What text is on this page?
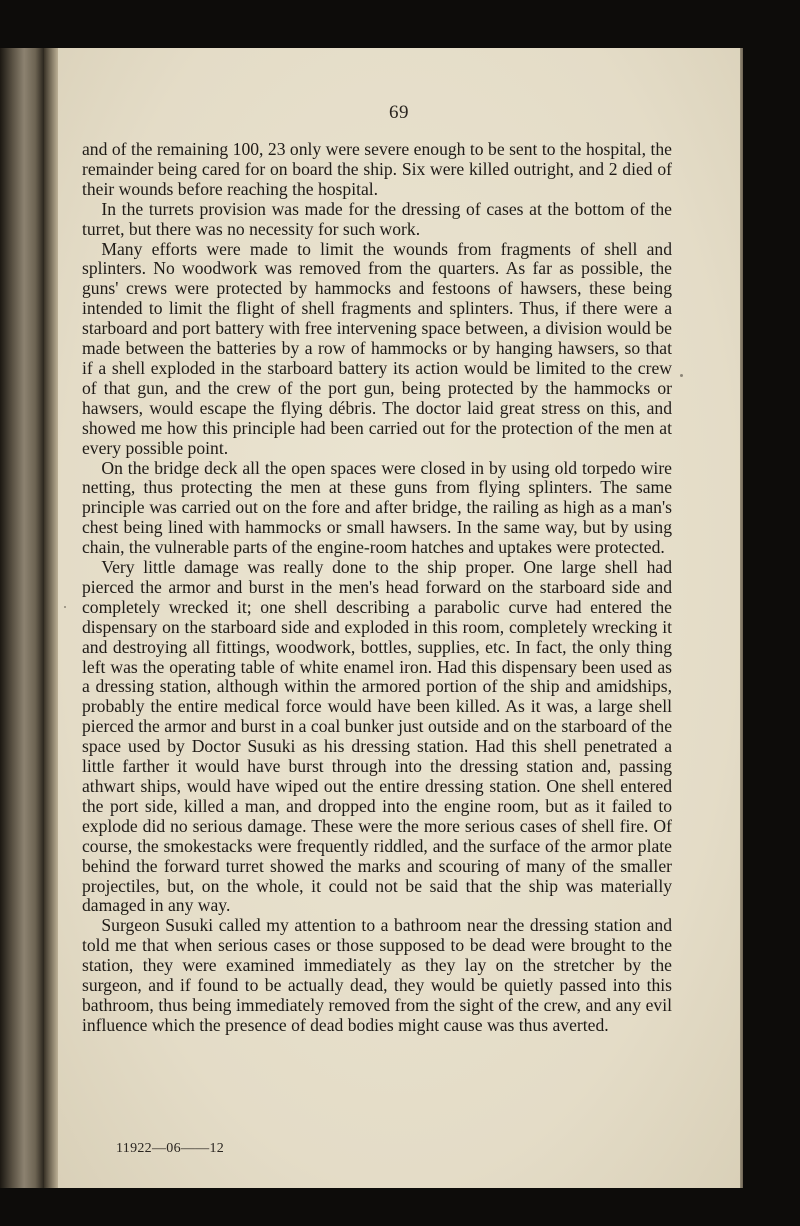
69

and of the remaining 100, 23 only were severe enough to be sent to the hospital, the remainder being cared for on board the ship. Six were killed outright, and 2 died of their wounds before reaching the hospital.

In the turrets provision was made for the dressing of cases at the bottom of the turret, but there was no necessity for such work.

Many efforts were made to limit the wounds from fragments of shell and splinters. No woodwork was removed from the quarters. As far as possible, the guns' crews were protected by hammocks and festoons of hawsers, these being intended to limit the flight of shell fragments and splinters. Thus, if there were a starboard and port battery with free intervening space between, a division would be made between the batteries by a row of hammocks or by hanging hawsers, so that if a shell exploded in the starboard battery its action would be limited to the crew of that gun, and the crew of the port gun, being protected by the hammocks or hawsers, would escape the flying débris. The doctor laid great stress on this, and showed me how this principle had been carried out for the protection of the men at every possible point.

On the bridge deck all the open spaces were closed in by using old torpedo wire netting, thus protecting the men at these guns from flying splinters. The same principle was carried out on the fore and after bridge, the railing as high as a man's chest being lined with hammocks or small hawsers. In the same way, but by using chain, the vulnerable parts of the engine-room hatches and uptakes were protected.

Very little damage was really done to the ship proper. One large shell had pierced the armor and burst in the men's head forward on the starboard side and completely wrecked it; one shell describing a parabolic curve had entered the dispensary on the starboard side and exploded in this room, completely wrecking it and destroying all fittings, woodwork, bottles, supplies, etc. In fact, the only thing left was the operating table of white enamel iron. Had this dispensary been used as a dressing station, although within the armored portion of the ship and amidships, probably the entire medical force would have been killed. As it was, a large shell pierced the armor and burst in a coal bunker just outside and on the starboard of the space used by Doctor Susuki as his dressing station. Had this shell penetrated a little farther it would have burst through into the dressing station and, passing athwart ships, would have wiped out the entire dressing station. One shell entered the port side, killed a man, and dropped into the engine room, but as it failed to explode did no serious damage. These were the more serious cases of shell fire. Of course, the smokestacks were frequently riddled, and the surface of the armor plate behind the forward turret showed the marks and scouring of many of the smaller projectiles, but, on the whole, it could not be said that the ship was materially damaged in any way.

Surgeon Susuki called my attention to a bathroom near the dressing station and told me that when serious cases or those supposed to be dead were brought to the station, they were examined immediately as they lay on the stretcher by the surgeon, and if found to be actually dead, they would be quietly passed into this bathroom, thus being immediately removed from the sight of the crew, and any evil influence which the presence of dead bodies might cause was thus averted.

11922—06——12
